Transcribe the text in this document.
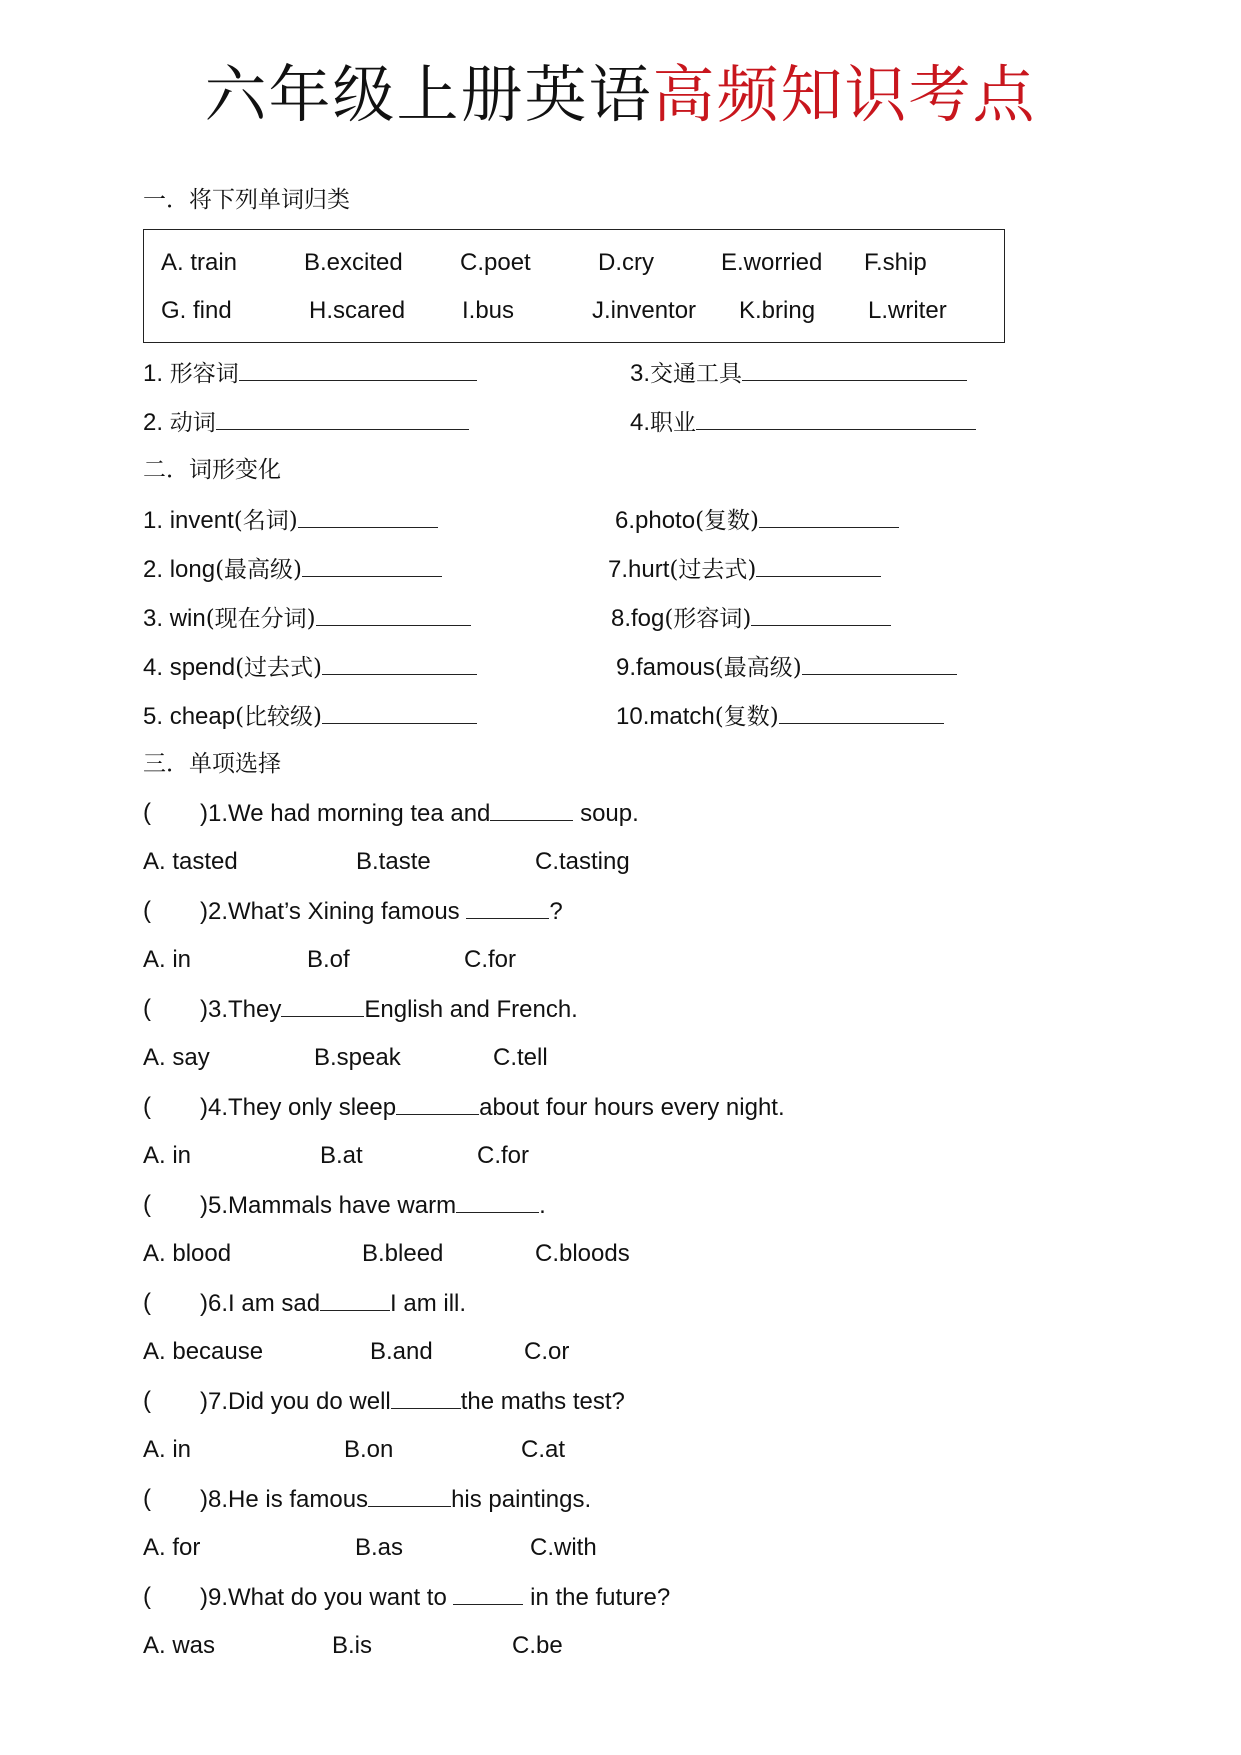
六年级上册英语高频知识考点
一．将下列单词归类
A. train	B.excited C.poet	D.cry	E.worried F.ship
G. find	H.scared I.bus	J.inventor K.bring L.writer
1. 形容词	3.交通工具
2. 动词	4.职业
二．词形变化
1. invent(名词)	6.photo(复数)
2. long(最高级)	7.hurt(过去式)
3. win(现在分词)	8.fog(形容词)
4. spend(过去式)	9.famous(最高级)
5. cheap(比较级)	10.match(复数)
三．单项选择
( )1.We had morning tea and	soup.
A. tasted	B.taste	C.tasting
( )2.What’s Xining famous	?
A. in	B.of	C.for
( )3.They	English and French.
A. say	B.speak	C.tell
( )4.They only sleep	about four hours every night.
A. in	B.at	C.for
( )5.Mammals have warm	.
A. blood	B.bleed	C.bloods
( )6.I am sad	I am ill.
A. because	B.and	C.or
( )7.Did you do well	the maths test?
A. in	B.on	C.at
( )8.He is famous	his paintings.
A. for	B.as	C.with
( )9.What do you want to	in the future?
A. was	B.is	C.be
